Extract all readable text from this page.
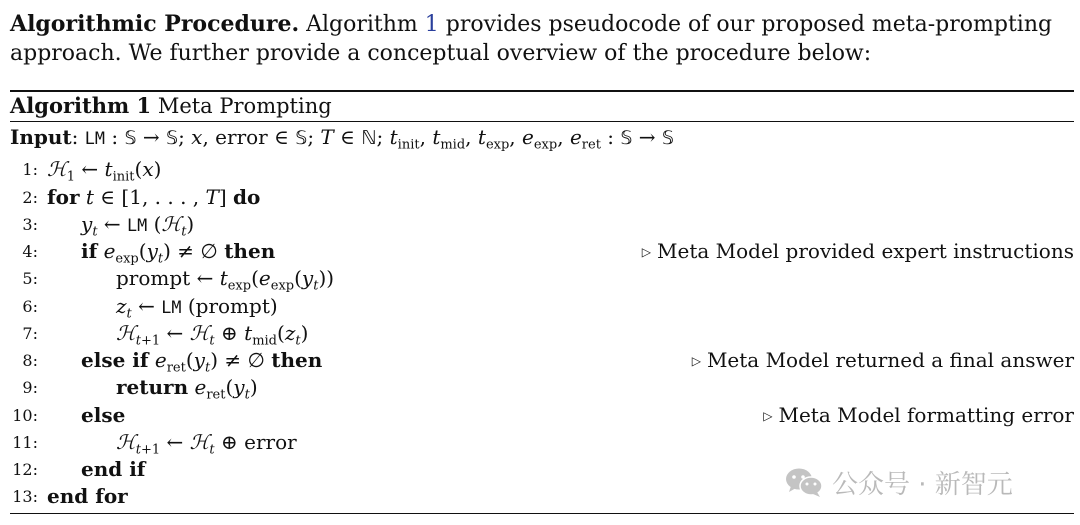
Algorithmic Procedure. Algorithm 1 provides pseudocode of our proposed meta-prompting approach. We further provide a conceptual overview of the procedure below:
Algorithm 1 Meta Prompting
Input: LM : 𝕊 → 𝕊; x, error ∈ 𝕊; T ∈ ℕ; $t_{init}$, $t_{mid}$, $t_{exp}$, $e_{exp}$, $e_{ret}$ : 𝕊 → 𝕊
1: ℋ$_1$ ← $t_{init}(x)$
2: for t ∈ [1, . . . , T] do
3: $y_t$ ← LM (ℋ$_t$)
4: if $e_{exp}(y_t)$ ≠ ∅ then	▷ Meta Model provided expert instructions
5:	prompt ← $t_{exp}(e_{exp}(y_t))$
6:	$z_t$ ← LM (prompt)
7:	ℋ$_{t+1}$ ← ℋ$_t$ ⊕ $t_{mid}(z_t)$
8: else if $e_{ret}(y_t)$ ≠ ∅ then	▷ Meta Model returned a final answer
9:	return $e_{ret}(y_t)$
10: else	▷ Meta Model formatting error
11:	ℋ$_{t+1}$ ← ℋ$_t$ ⊕ error
12: end if
13: end for	公众号 · 新智元
